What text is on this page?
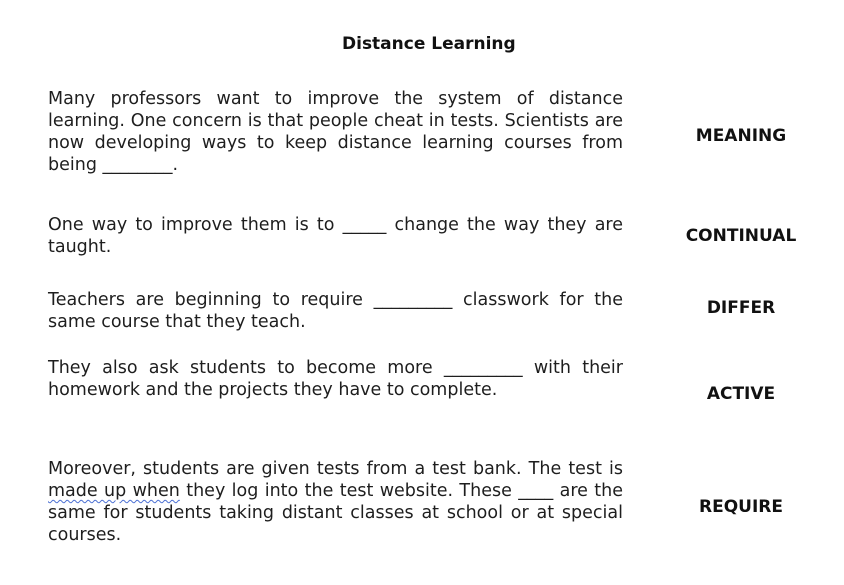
Distance Learning

Many professors want to improve the system of distance learning. One concern is that people cheat in tests. Scientists are now developing ways to keep distance learning courses from being ________.

MEANING

One way to improve them is to _____ change the way they are taught.

CONTINUAL

Teachers are beginning to require _________ classwork for the same course that they teach.

DIFFER

They also ask students to become more _________ with their homework and the projects they have to complete.	ACTIVE

Moreover, students are given tests from a test bank. The test is made up when they log into the test website. These ____ are the same for students taking distant classes at school or at special courses.

REQUIRE
